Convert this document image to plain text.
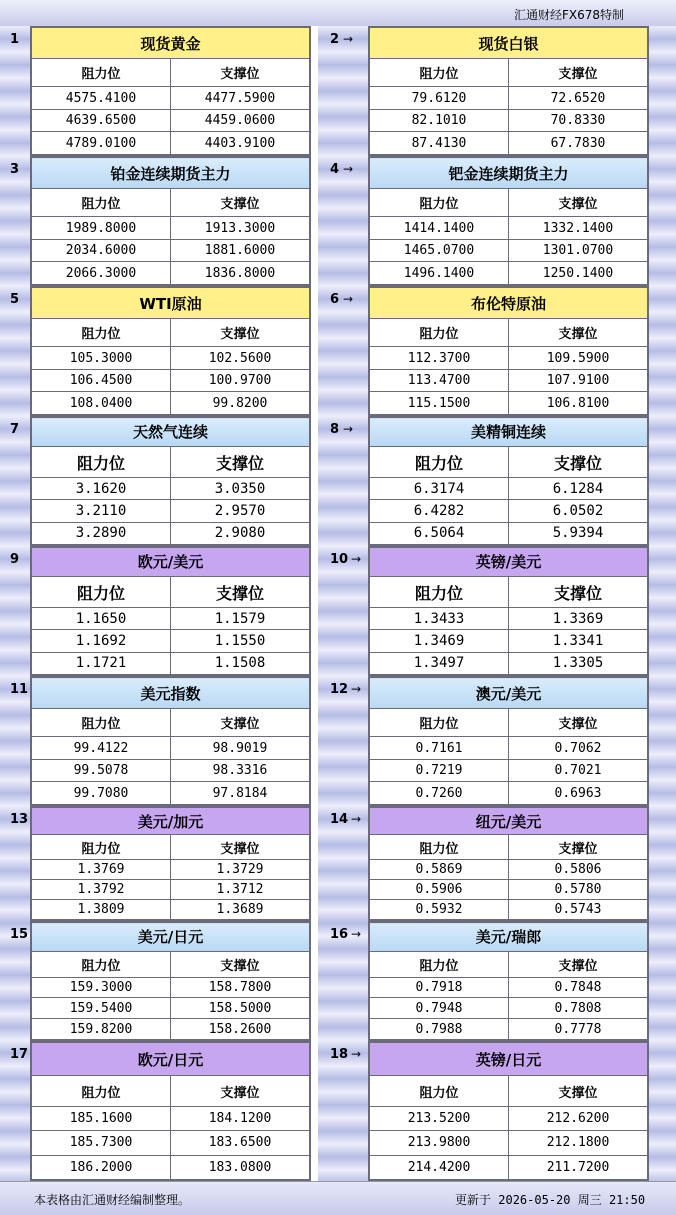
汇通财经FX678特制
1	现货黄金	
阻力位	支撑位
4575.4100	4477.5900
4639.6500	4459.0600
4789.0100	4403.9100
2 →	现货白银	
阻力位	支撑位
79.6120	72.6520
82.1010	70.8330
87.4130	67.7830
3	铂金连续期货主力	
阻力位	支撑位
1989.8000	1913.3000
2034.6000	1881.6000
2066.3000	1836.8000
4 →	钯金连续期货主力	
阻力位	支撑位
1414.1400	1332.1400
1465.0700	1301.0700
1496.1400	1250.1400
5	WTI原油	
阻力位	支撑位
105.3000	102.5600
106.4500	100.9700
108.0400	99.8200
6 →	布伦特原油	
阻力位	支撑位
112.3700	109.5900
113.4700	107.9100
115.1500	106.8100
7	天然气连续	
阻力位	支撑位
3.1620	3.0350
3.2110	2.9570
3.2890	2.9080
8 →	美精铜连续	
阻力位	支撑位
6.3174	6.1284
6.4282	6.0502
6.5064	5.9394
9	欧元/美元	
阻力位	支撑位
1.1650	1.1579
1.1692	1.1550
1.1721	1.1508
10 →	英镑/美元	
阻力位	支撑位
1.3433	1.3369
1.3469	1.3341
1.3497	1.3305
11	美元指数	
阻力位	支撑位
99.4122	98.9019
99.5078	98.3316
99.7080	97.8184
12 →	澳元/美元	
阻力位	支撑位
0.7161	0.7062
0.7219	0.7021
0.7260	0.6963
13	美元/加元	
阻力位	支撑位
1.3769	1.3729
1.3792	1.3712
1.3809	1.3689
14 →	纽元/美元	
阻力位	支撑位
0.5869	0.5806
0.5906	0.5780
0.5932	0.5743
15	美元/日元	
阻力位	支撑位
159.3000	158.7800
159.5400	158.5000
159.8200	158.2600
16 →	美元/瑞郎	
阻力位	支撑位
0.7918	0.7848
0.7948	0.7808
0.7988	0.7778
17	欧元/日元	
阻力位	支撑位
185.1600	184.1200
185.7300	183.6500
186.2000	183.0800
18 →	英镑/日元	
阻力位	支撑位
213.5200	212.6200
213.9800	212.1800
214.4200	211.7200
本表格由汇通财经编制整理。	更新于 2026-05-20 周三 21:50
